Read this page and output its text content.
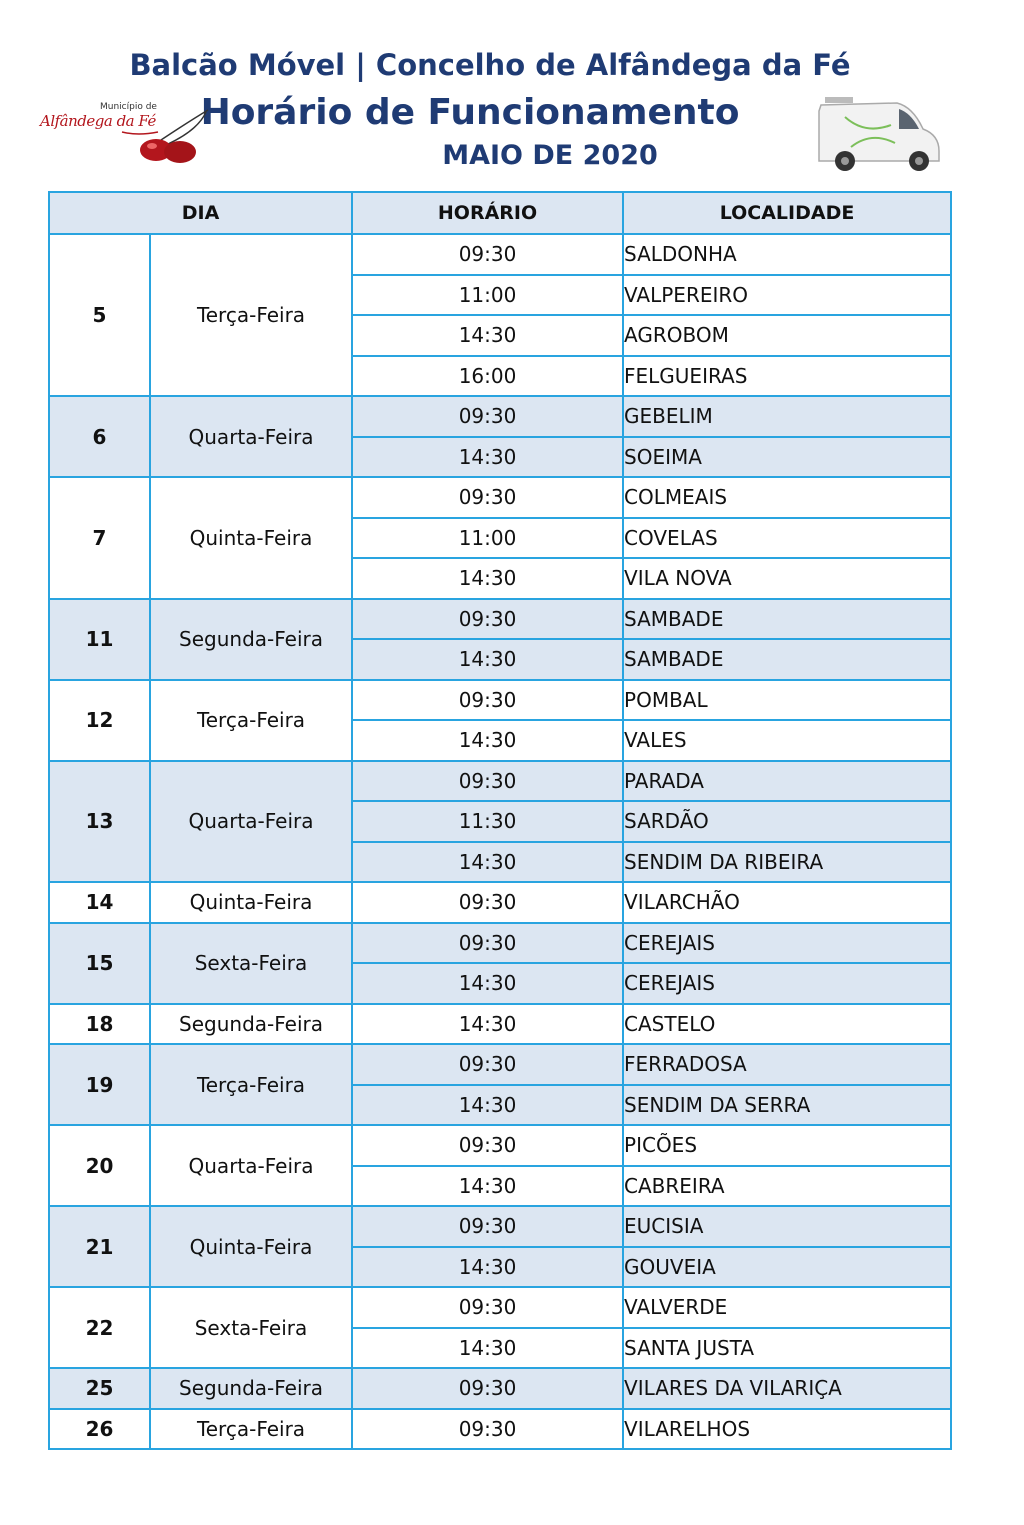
Balcão Móvel | Concelho de Alfândega da Fé
Horário de Funcionamento
MAIO DE 2020
Município de
Alfândega da Fé
DIA		HORÁRIO	LOCALIDADE
5	Terça-Feira	09:30	SALDONHA
		11:00	VALPEREIRO
		14:30	AGROBOM
		16:00	FELGUEIRAS
6	Quarta-Feira	09:30	GEBELIM
		14:30	SOEIMA
7	Quinta-Feira	09:30	COLMEAIS
		11:00	COVELAS
		14:30	VILA NOVA
11	Segunda-Feira	09:30	SAMBADE
		14:30	SAMBADE
12	Terça-Feira	09:30	POMBAL
		14:30	VALES
13	Quarta-Feira	09:30	PARADA
		11:30	SARDÃO
		14:30	SENDIM DA RIBEIRA
14	Quinta-Feira	09:30	VILARCHÃO
15	Sexta-Feira	09:30	CEREJAIS
		14:30	CEREJAIS
18	Segunda-Feira	14:30	CASTELO
19	Terça-Feira	09:30	FERRADOSA
		14:30	SENDIM DA SERRA
20	Quarta-Feira	09:30	PICÕES
		14:30	CABREIRA
21	Quinta-Feira	09:30	EUCISIA
		14:30	GOUVEIA
22	Sexta-Feira	09:30	VALVERDE
		14:30	SANTA JUSTA
25	Segunda-Feira	09:30	VILARES DA VILARIÇA
26	Terça-Feira	09:30	VILARELHOS
